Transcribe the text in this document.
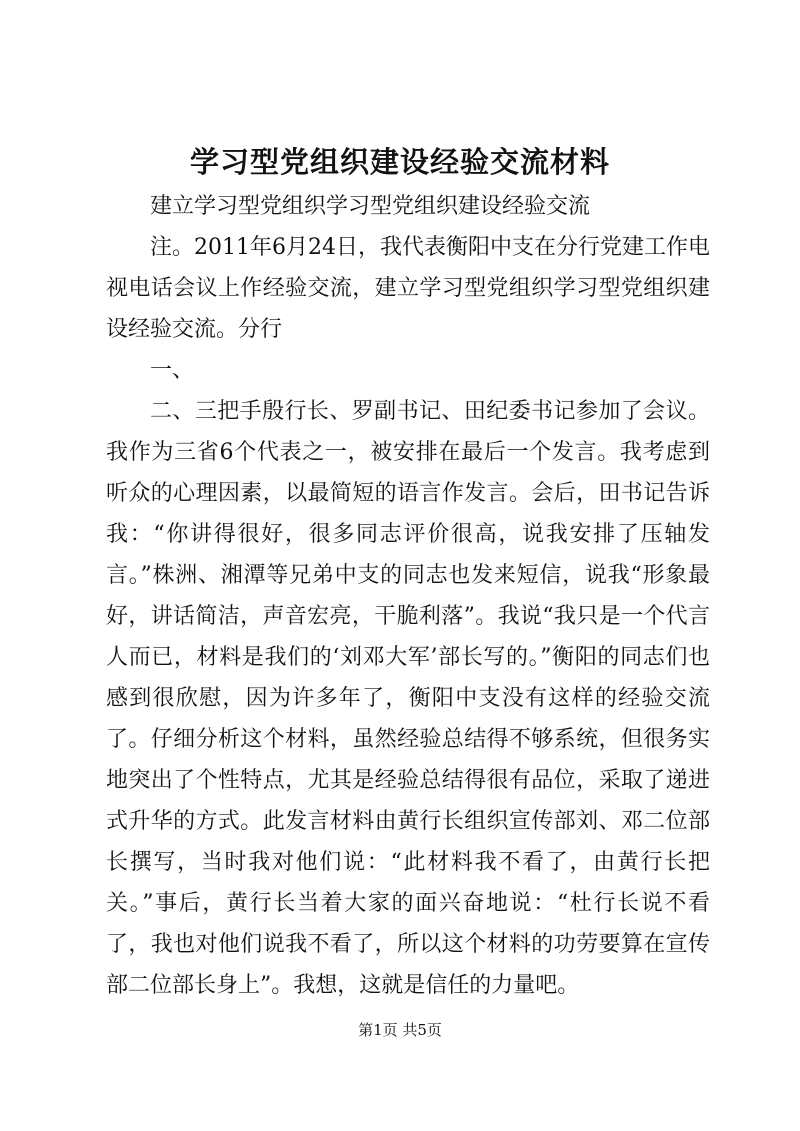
学习型党组织建设经验交流材料

建立学习型党组织学习型党组织建设经验交流

注。2011年6月24日，我代表衡阳中支在分行党建工作电视电话会议上作经验交流，建立学习型党组织学习型党组织建设经验交流。分行

一、

二、三把手殷行长、罗副书记、田纪委书记参加了会议。我作为三省6个代表之一，被安排在最后一个发言。我考虑到听众的心理因素，以最简短的语言作发言。会后，田书记告诉我：“你讲得很好，很多同志评价很高，说我安排了压轴发言。”株洲、湘潭等兄弟中支的同志也发来短信，说我“形象最好，讲话简洁，声音宏亮，干脆利落”。我说“我只是一个代言人而已，材料是我们的‘刘邓大军’部长写的。”衡阳的同志们也感到很欣慰，因为许多年了，衡阳中支没有这样的经验交流了。仔细分析这个材料，虽然经验总结得不够系统，但很务实地突出了个性特点，尤其是经验总结得很有品位，采取了递进式升华的方式。此发言材料由黄行长组织宣传部刘、邓二位部长撰写，当时我对他们说：“此材料我不看了，由黄行长把关。”事后，黄行长当着大家的面兴奋地说：“杜行长说不看了，我也对他们说我不看了，所以这个材料的功劳要算在宣传部二位部长身上”。我想，这就是信任的力量吧。

第1页 共5页
